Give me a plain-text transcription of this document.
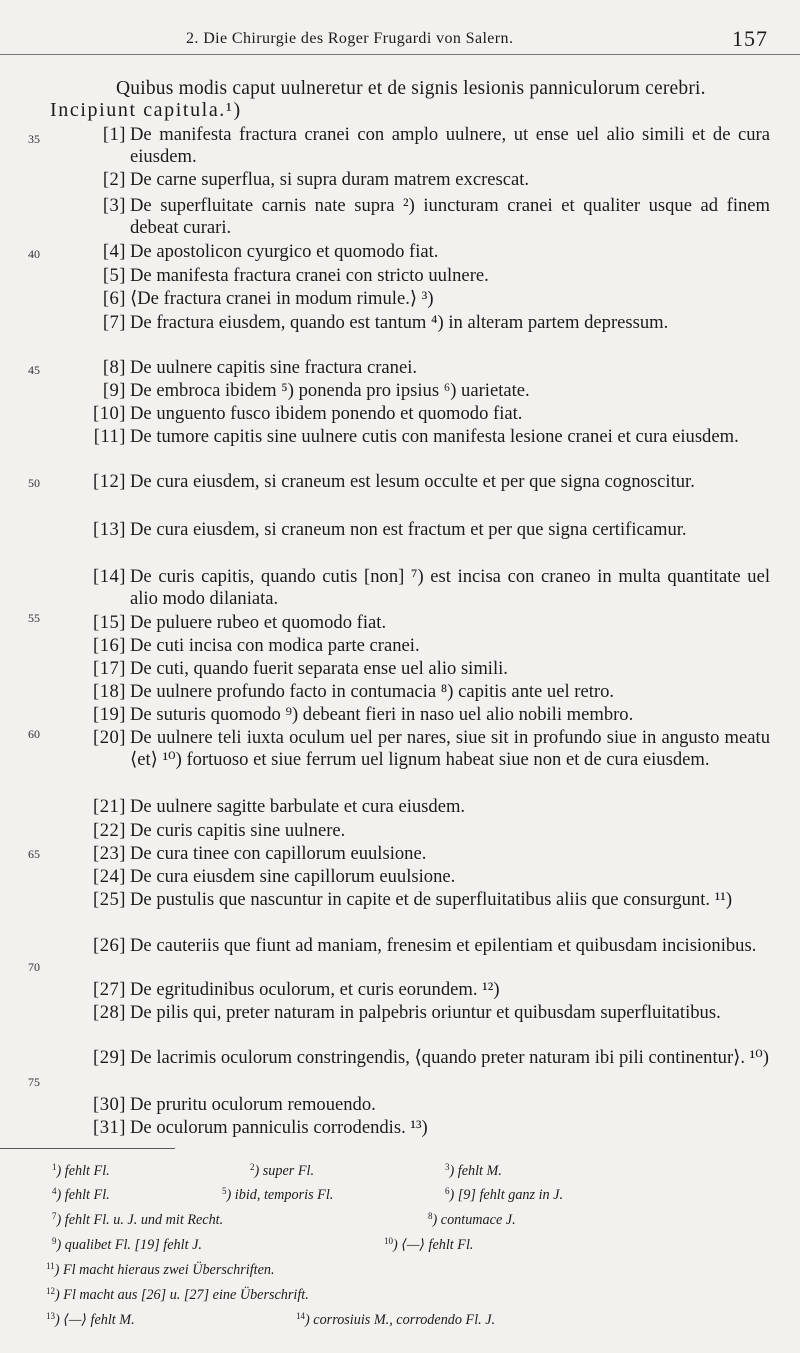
2. Die Chirurgie des Roger Frugardi von Salern.	157
Quibus modis caput uulneretur et de signis lesionis panniculorum cerebri.
Incipiunt capitula.¹)
35
40
45
50
55
60
65
70
75
[1] De manifesta fractura cranei con amplo uulnere, ut ense uel alio simili et de cura eiusdem.
[2] De carne superflua, si supra duram matrem excrescat.
[3] De superfluitate carnis nate supra ²) iuncturam cranei et qualiter usque ad finem debeat curari.
[4] De apostolicon cyurgico et quomodo fiat.
[5] De manifesta fractura cranei con stricto uulnere.
[6] ⟨De fractura cranei in modum rimule.⟩ ³)
[7] De fractura eiusdem, quando est tantum ⁴) in alteram partem depressum.
[8] De uulnere capitis sine fractura cranei.
[9] De embroca ibidem ⁵) ponenda pro ipsius ⁶) uarietate.
[10] De unguento fusco ibidem ponendo et quomodo fiat.
[11] De tumore capitis sine uulnere cutis con manifesta lesione cranei et cura eiusdem.
[12] De cura eiusdem, si craneum est lesum occulte et per que signa cognoscitur.
[13] De cura eiusdem, si craneum non est fractum et per que signa certificamur.
[14] De curis capitis, quando cutis [non] ⁷) est incisa con craneo in multa quantitate uel alio modo dilaniata.
[15] De puluere rubeo et quomodo fiat.
[16] De cuti incisa con modica parte cranei.
[17] De cuti, quando fuerit separata ense uel alio simili.
[18] De uulnere profundo facto in contumacia ⁸) capitis ante uel retro.
[19] De suturis quomodo ⁹) debeant fieri in naso uel alio nobili membro.
[20] De uulnere teli iuxta oculum uel per nares, siue sit in profundo siue in angusto meatu ⟨et⟩ ¹⁰) fortuoso et siue ferrum uel lignum habeat siue non et de cura eiusdem.
[21] De uulnere sagitte barbulate et cura eiusdem.
[22] De curis capitis sine uulnere.
[23] De cura tinee con capillorum euulsione.
[24] De cura eiusdem sine capillorum euulsione.
[25] De pustulis que nascuntur in capite et de superfluitatibus aliis que consurgunt. ¹¹)
[26] De cauteriis que fiunt ad maniam, frenesim et epilentiam et quibusdam incisionibus.
[27] De egritudinibus oculorum, et curis eorundem. ¹²)
[28] De pilis qui, preter naturam in palpebris oriuntur et quibusdam superfluitatibus.
[29] De lacrimis oculorum constringendis, ⟨quando preter naturam ibi pili continentur⟩. ¹⁰)
[30] De pruritu oculorum remouendo.
[31] De oculorum panniculis corrodendis. ¹³)
$^1$) fehlt Fl.	$^2$) super Fl.	$^3$) fehlt M.
$^4$) fehlt Fl.	$^5$) ibid, temporis Fl.	$^6$) [9] fehlt ganz in J.
$^7$) fehlt Fl. u. J. und mit Recht.	$^8$) contumace J.
$^9$) qualibet Fl. [19] fehlt J.	$^{10}$) ⟨—⟩ fehlt Fl.
$^{11}$) Fl macht hieraus zwei Überschriften.
$^{12}$) Fl macht aus [26] u. [27] eine Überschrift.
$^{13}$) ⟨—⟩ fehlt M.	$^{14}$) corrosiuis M., corrodendo Fl. J.
